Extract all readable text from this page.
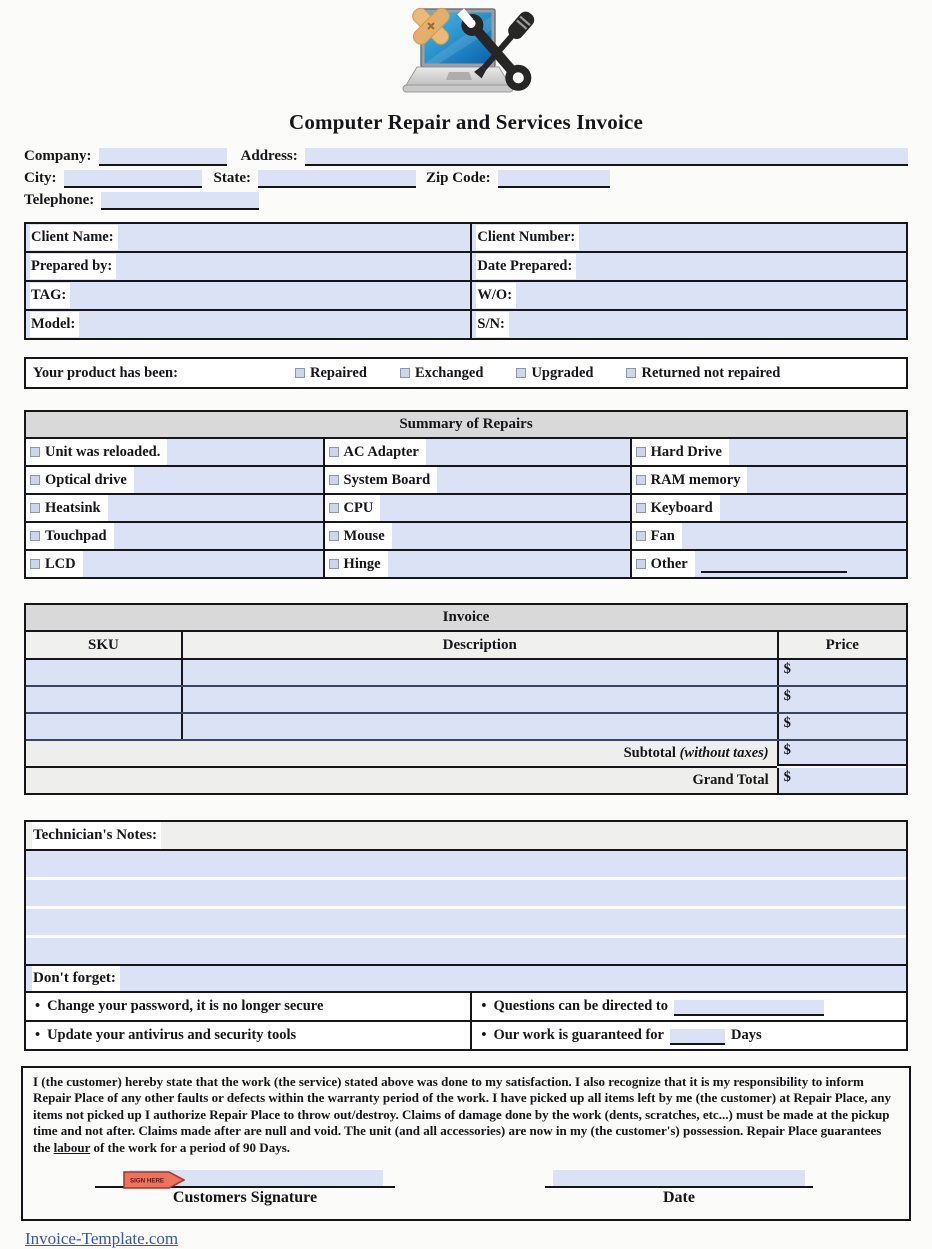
Computer Repair and Services Invoice
Company:	Address:
City:	State:	Zip Code:
Telephone:
Client Name:	Client Number:
Prepared by:	Date Prepared:
TAG:	W/O:
Model:	S/N:
Your product has been:	Repaired	Exchanged	Upgraded	Returned not repaired
Summary of Repairs
Unit was reloaded.	AC Adapter	Hard Drive
Optical drive	System Board	RAM memory
Heatsink	CPU	Keyboard
Touchpad	Mouse	Fan
LCD	Hinge	Other
Invoice
SKU	Description	Price
$
$
$
Subtotal (without taxes)	$
Grand Total	$
Technician's Notes:
Don't forget:
• Change your password, it is no longer secure	• Questions can be directed to
• Update your antivirus and security tools	• Our work is guaranteed for	Days

I (the customer) hereby state that the work (the service) stated above was done to my satisfaction. I also recognize that it is my responsibility to inform Repair Place of any other faults or defects within the warranty period of the work. I have picked up all items left by me (the customer) at Repair Place, any items not picked up I authorize Repair Place to throw out/destroy. Claims of damage done by the work (dents, scratches, etc...) must be made at the pickup time and not after. Claims made after are null and void. The unit (and all accessories) are now in my (the customer's) possession. Repair Place guarantees the labour of the work for a period of 90 Days.

SIGN HERE
Customers Signature	Date
Invoice-Template.com
